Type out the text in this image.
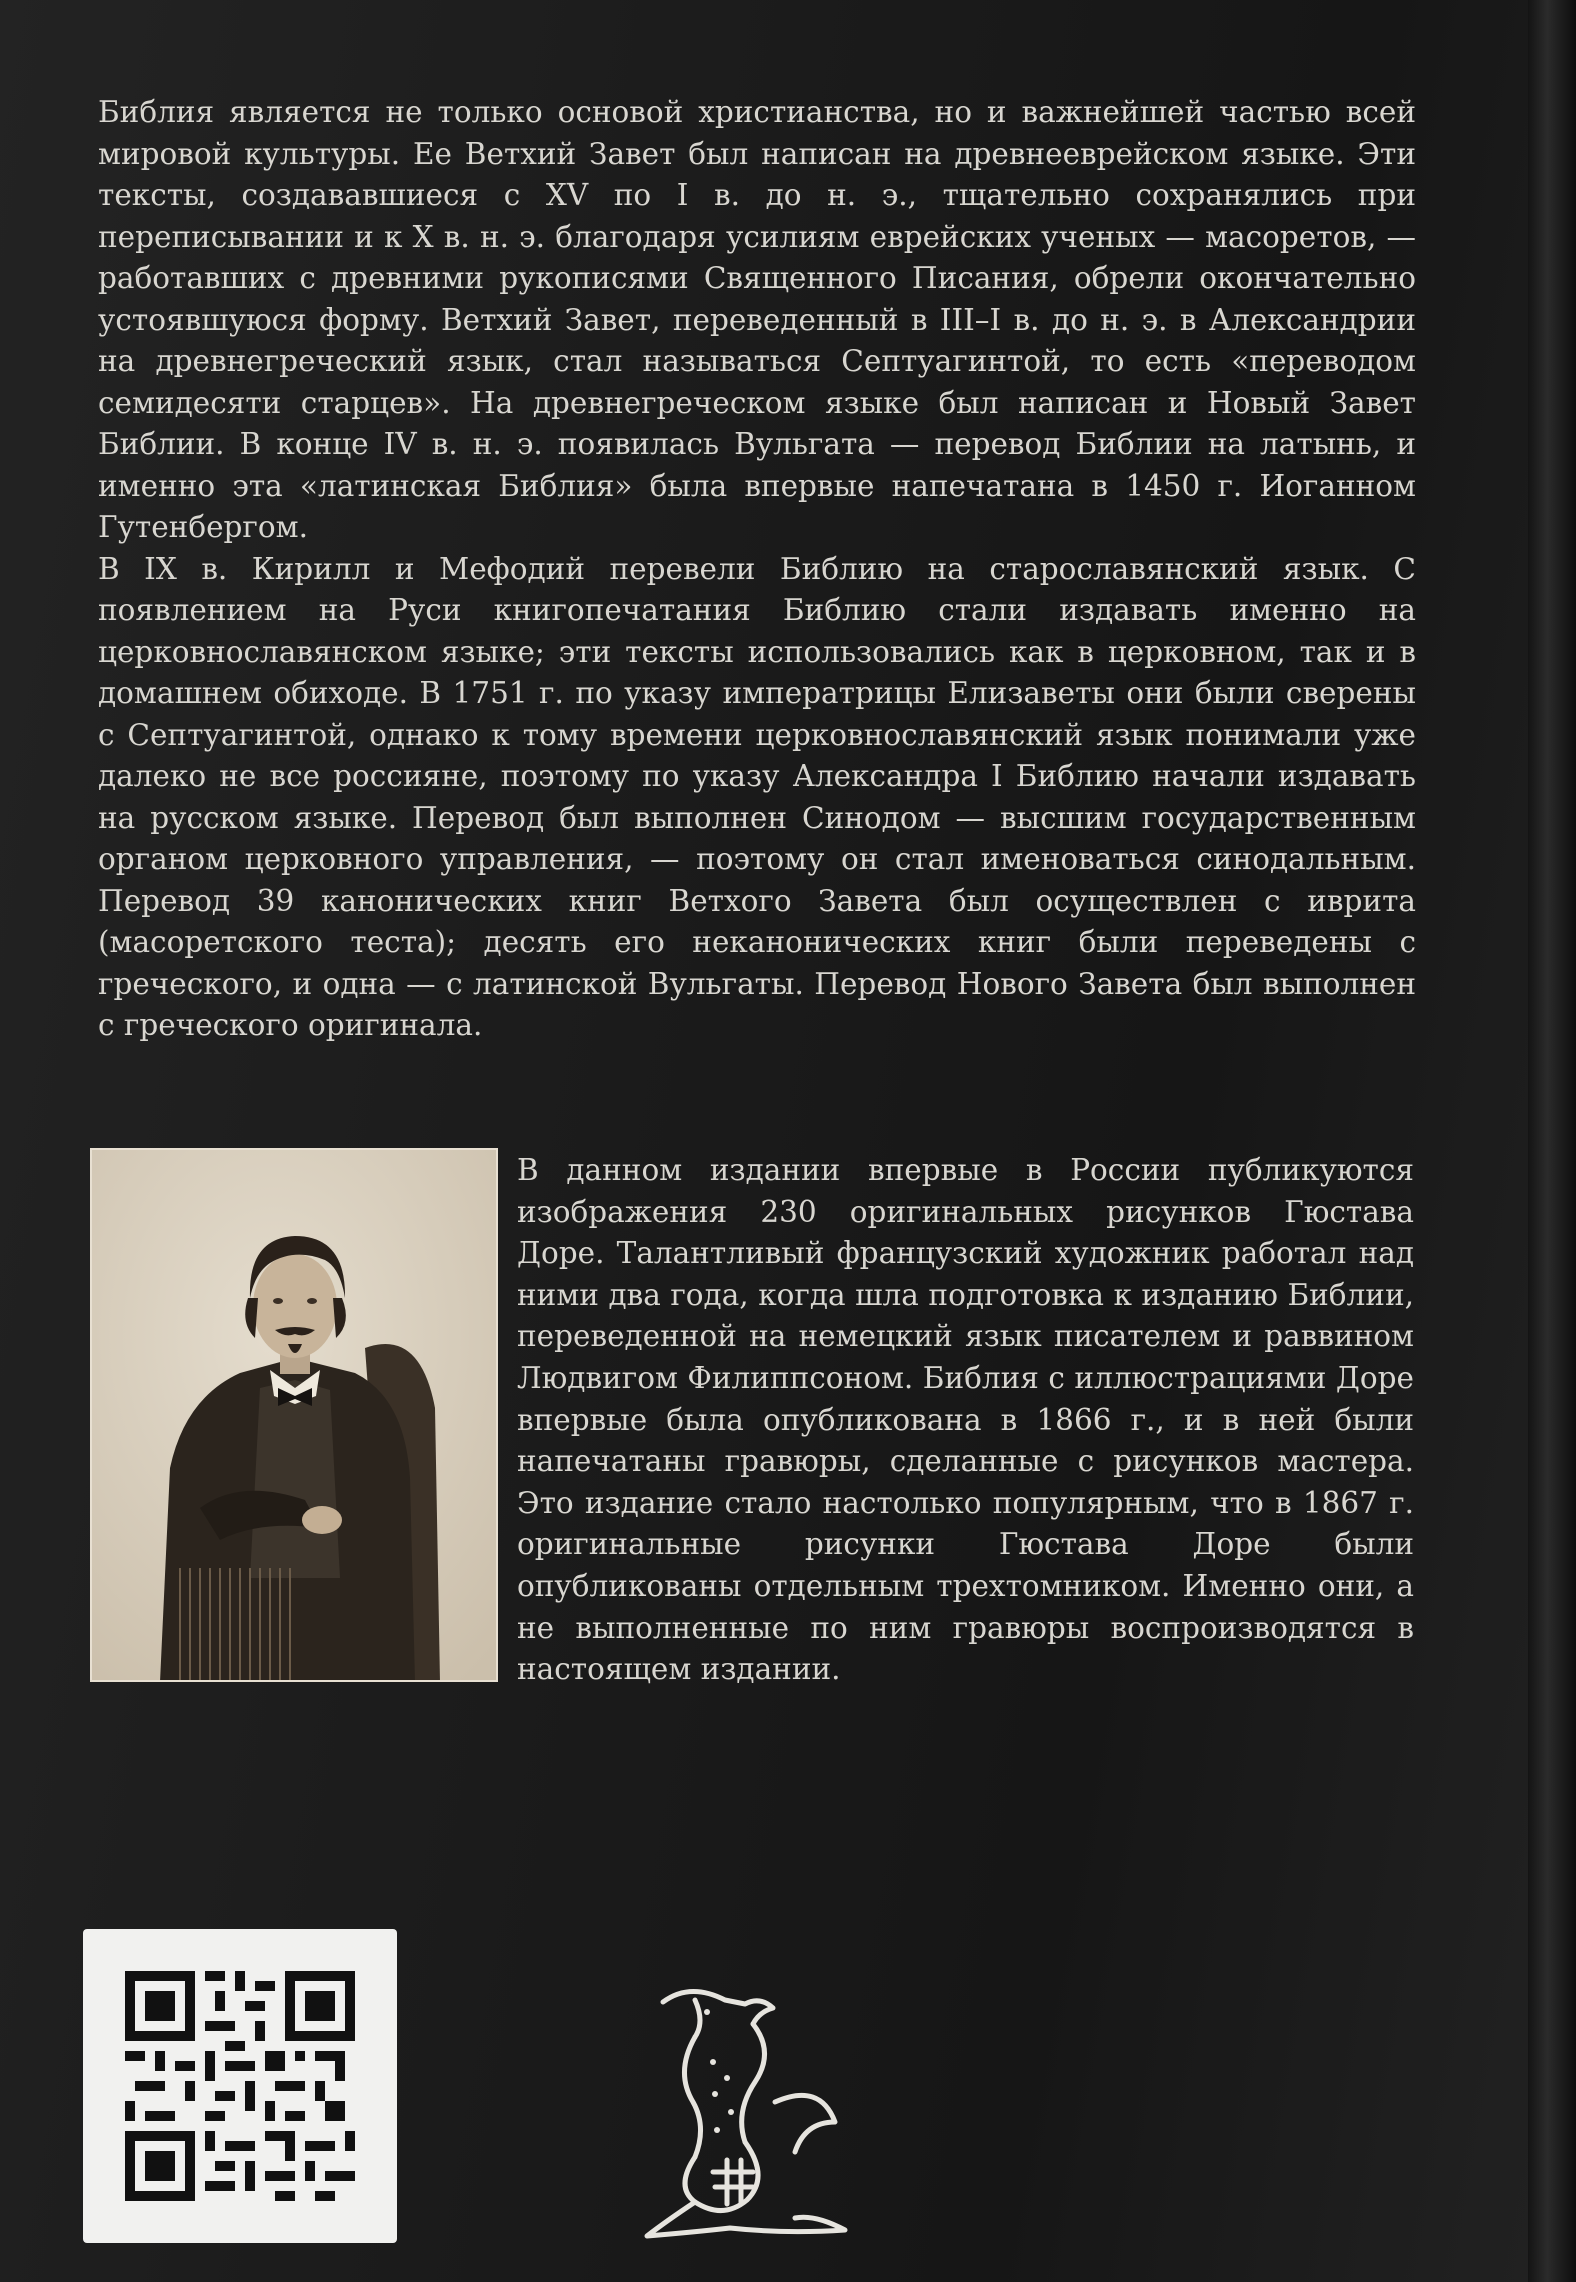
Библия является не только основой христианства, но и важнейшей частью всей мировой культуры. Ее Ветхий Завет был написан на древнееврейском языке. Эти тексты, создававшиеся с XV по I в. до н. э., тщательно сохранялись при переписывании и к X в. н. э. благодаря усилиям еврейских ученых — масоретов, — работавших с древними рукописями Священного Писания, обрели окончательно устоявшуюся форму. Ветхий Завет, переведенный в III–I в. до н. э. в Александрии на древнегреческий язык, стал называться Септуагинтой, то есть «переводом семидесяти старцев». На древнегреческом языке был написан и Новый Завет Библии. В конце IV в. н. э. появилась Вульгата — перевод Библии на латынь, и именно эта «латинская Библия» была впервые напечатана в 1450 г. Иоганном Гутенбергом.

В IX в. Кирилл и Мефодий перевели Библию на старославянский язык. С появлением на Руси книгопечатания Библию стали издавать именно на церковнославянском языке; эти тексты использовались как в церковном, так и в домашнем обиходе. В 1751 г. по указу императрицы Елизаветы они были сверены с Септуагинтой, однако к тому времени церковнославянский язык понимали уже далеко не все россияне, поэтому по указу Александра I Библию начали издавать на русском языке. Перевод был выполнен Синодом — высшим государственным органом церковного управления, — поэтому он стал именоваться синодальным. Перевод 39 канонических книг Ветхого Завета был осуществлен с иврита (масоретского теста); десять его неканонических книг были переведены с греческого, и одна — с латинской Вульгаты. Перевод Нового Завета был выполнен с греческого оригинала.

В данном издании впервые в России публикуются изображения 230 оригинальных рисунков Гюстава Доре. Талантливый французский художник работал над ними два года, когда шла подготовка к изданию Библии, переведенной на немецкий язык писателем и раввином Людвигом Филиппсоном. Библия с иллюстрациями Доре впервые была опубликована в 1866 г., и в ней были напечатаны гравюры, сделанные с рисунков мастера. Это издание стало настолько популярным, что в 1867 г. оригинальные рисунки Гюстава Доре были опубликованы отдельным трехтомником. Именно они, а не выполненные по ним гравюры воспроизводятся в настоящем издании.
